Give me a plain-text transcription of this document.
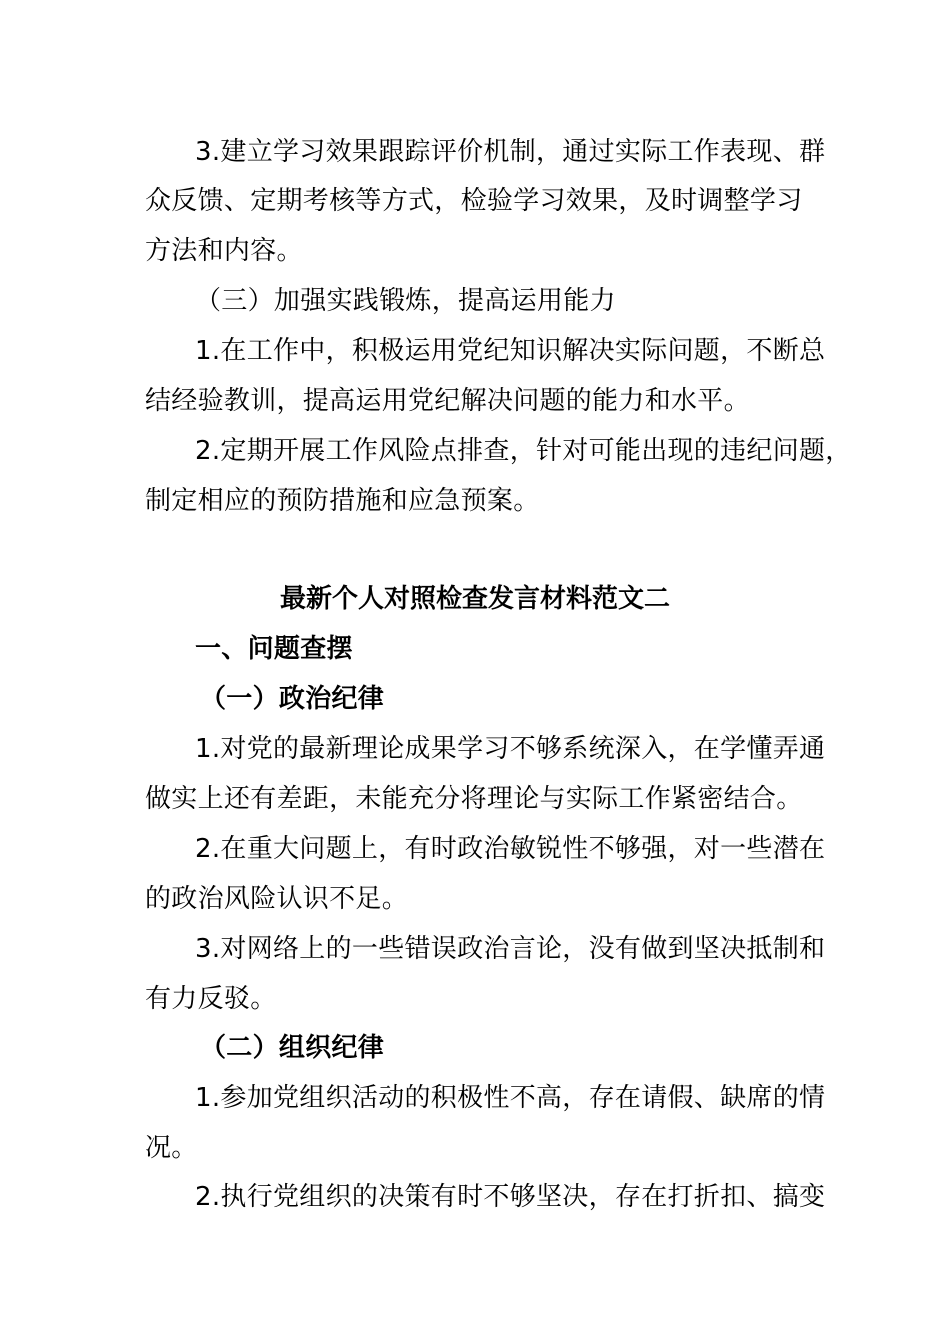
3.建立学习效果跟踪评价机制，通过实际工作表现、群
众反馈、定期考核等方式，检验学习效果，及时调整学习
方法和内容。
（三）加强实践锻炼，提高运用能力
1.在工作中，积极运用党纪知识解决实际问题，不断总
结经验教训，提高运用党纪解决问题的能力和水平。
2.定期开展工作风险点排查，针对可能出现的违纪问题，
制定相应的预防措施和应急预案。
最新个人对照检查发言材料范文二
一、问题查摆
（一）政治纪律
1.对党的最新理论成果学习不够系统深入，在学懂弄通
做实上还有差距，未能充分将理论与实际工作紧密结合。
2.在重大问题上，有时政治敏锐性不够强，对一些潜在
的政治风险认识不足。
3.对网络上的一些错误政治言论，没有做到坚决抵制和
有力反驳。
（二）组织纪律
1.参加党组织活动的积极性不高，存在请假、缺席的情
况。
2.执行党组织的决策有时不够坚决，存在打折扣、搞变
